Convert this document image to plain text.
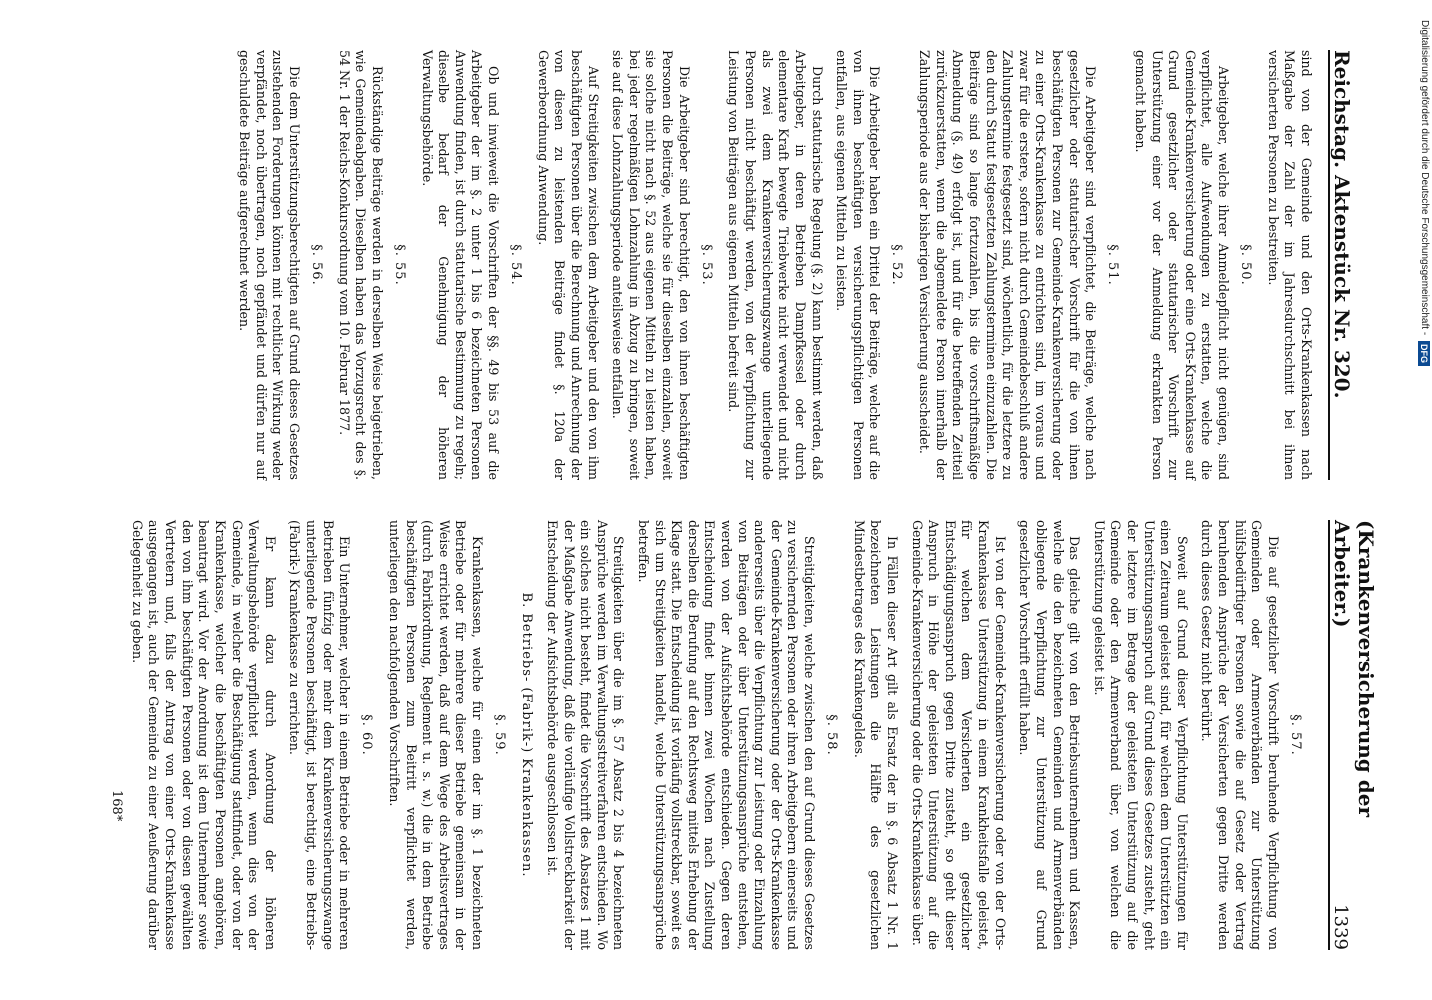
Reichstag. Aktenstück Nr. 320.
(Krankenversicherung der Arbeiter.)
1339

sind von der Gemeinde und den Orts-Krankenkassen nach Maßgabe der Zahl der im Jahresdurchschnitt bei ihnen versicherten Personen zu bestreiten.

§. 50.

Arbeitgeber, welche ihrer Anmeldepflicht nicht genügen, sind verpflichtet, alle Aufwendungen zu erstatten, welche die Gemeinde-Krankenversicherung oder eine Orts-Krankenkasse auf Grund gesetzlicher oder statutarischer Vorschrift zur Unterstützung einer vor der Anmeldung erkrankten Person gemacht haben.

§. 51.

Die Arbeitgeber sind verpflichtet, die Beiträge, welche nach gesetzlicher oder statutarischer Vorschrift für die von ihnen beschäftigten Personen zur Gemeinde-Krankenversicherung oder zu einer Orts-Krankenkasse zu entrichten sind, im voraus und zwar für die erstere, sofern nicht durch Gemeindebeschluß andere Zahlungstermine festgesetzt sind, wöchentlich, für die letztere zu den durch Statut festgesetzten Zahlungsterminen einzuzahlen. Die Beiträge sind so lange fortzuzahlen, bis die vorschriftsmäßige Abmeldung (§. 49) erfolgt ist, und für die betreffenden Zeitteil zurückzuerstatten, wenn die abgemeldete Person innerhalb der Zahlungsperiode aus der bisherigen Versicherung ausscheidet.

§. 52.

Die Arbeitgeber haben ein Drittel der Beiträge, welche auf die von ihnen beschäftigten versicherungspflichtigen Personen entfallen, aus eigenen Mitteln zu leisten.

Durch statutarische Regelung (§. 2) kann bestimmt werden, daß Arbeitgeber, in deren Betrieben Dampfkessel oder durch elementare Kraft bewegte Triebwerke nicht verwendet und nicht als zwei dem Krankenversicherungszwange unterliegende Personen nicht beschäftigt werden, von der Verpflichtung zur Leistung von Beiträgen aus eigenen Mitteln befreit sind.

§. 53.

Die Arbeitgeber sind berechtigt, den von ihnen beschäftigten Personen die Beiträge, welche sie für dieselben einzahlen, soweit sie solche nicht nach §. 52 aus eigenen Mitteln zu leisten haben, bei jeder regelmäßigen Lohnzahlung in Abzug zu bringen, soweit sie auf diese Lohnzahlungsperiode anteilsweise entfallen.

Auf Streitigkeiten zwischen dem Arbeitgeber und den von ihm beschäftigten Personen über die Berechnung und Anrechnung der von diesen zu leistenden Beiträge findet §. 120a der Gewerbeordnung Anwendung.

§. 54.

Ob und inwieweit die Vorschriften der §§. 49 bis 53 auf die Arbeitgeber der im §. 2 unter 1 bis 6 bezeichneten Personen Anwendung finden, ist durch statutarische Bestimmung zu regeln; dieselbe bedarf der Genehmigung der höheren Verwaltungsbehörde.

§. 55.

Rückständige Beiträge werden in derselben Weise beigetrieben, wie Gemeindeabgaben. Dieselben haben das Vorzugsrecht des §. 54 Nr. 1 der Reichs-Konkursordnung vom 10. Februar 1877.

§. 56.

Die dem Unterstützungsberechtigten auf Grund dieses Gesetzes zustehenden Forderungen können mit rechtlicher Wirkung weder verpfändet, noch übertragen, noch gepfändet und dürfen nur auf geschuldete Beiträge aufgerechnet werden.

§. 57.

Die auf gesetzlicher Vorschrift beruhende Verpflichtung von Gemeinden oder Armenverbänden zur Unterstützung hülfsbedürftiger Personen sowie die auf Gesetz oder Vertrag beruhenden Ansprüche der Versicherten gegen Dritte werden durch dieses Gesetz nicht berührt.

Soweit auf Grund dieser Verpflichtung Unterstützungen für einen Zeitraum geleistet sind, für welchen dem Unterstützten ein Unterstützungsanspruch auf Grund dieses Gesetzes zusteht, geht der letztere im Betrage der geleisteten Unterstützung auf die Gemeinde oder den Armenverband über, von welchen die Unterstützung geleistet ist.

Das gleiche gilt von den Betriebsunternehmern und Kassen, welche die den bezeichneten Gemeinden und Armenverbänden obliegende Verpflichtung zur Unterstützung auf Grund gesetzlicher Vorschrift erfüllt haben.

Ist von der Gemeinde-Krankenversicherung oder von der Orts-Krankenkasse Unterstützung in einem Krankheitsfalle geleistet, für welchen dem Versicherten ein gesetzlicher Entschädigungsanspruch gegen Dritte zusteht, so geht dieser Anspruch in Höhe der geleisteten Unterstützung auf die Gemeinde-Krankenversicherung oder die Orts-Krankenkasse über.

In Fällen dieser Art gilt als Ersatz der in §. 6 Absatz 1 Nr. 1 bezeichneten Leistungen die Hälfte des gesetzlichen Mindestbetrages des Krankengeldes.

§. 58.

Streitigkeiten, welche zwischen den auf Grund dieses Gesetzes zu versichernden Personen oder ihren Arbeitgebern einerseits und der Gemeinde-Krankenversicherung oder der Orts-Krankenkasse andererseits über die Verpflichtung zur Leistung oder Einzahlung von Beiträgen oder über Unterstützungsansprüche entstehen, werden von der Aufsichtsbehörde entschieden. Gegen deren Entscheidung findet binnen zwei Wochen nach Zustellung derselben die Berufung auf den Rechtsweg mittels Erhebung der Klage statt. Die Entscheidung ist vorläufig vollstreckbar, soweit es sich um Streitigkeiten handelt, welche Unterstützungsansprüche betreffen.

Streitigkeiten über die im §. 57 Absatz 2 bis 4 bezeichneten Ansprüche werden im Verwaltungsstreitverfahren entschieden. Wo ein solches nicht besteht, findet die Vorschrift des Absatzes 1 mit der Maßgabe Anwendung, daß die vorläufige Vollstreckbarkeit der Entscheidung der Aufsichtsbehörde ausgeschlossen ist.

B. Betriebs- (Fabrik-) Krankenkassen.
§. 59.

Krankenkassen, welche für einen der im §. 1 bezeichneten Betriebe oder für mehrere dieser Betriebe gemeinsam in der Weise errichtet werden, daß auf dem Wege des Arbeitsvertrages (durch Fabrikordnung, Reglement u. s. w.) die in dem Betriebe beschäftigten Personen zum Beitritt verpflichtet werden, unterliegen den nachfolgenden Vorschriften.

§. 60.

Ein Unternehmer, welcher in einem Betriebe oder in mehreren Betrieben fünfzig oder mehr dem Krankenversicherungszwange unterliegende Personen beschäftigt, ist berechtigt, eine Betriebs- (Fabrik-) Krankenkasse zu errichten.

Er kann dazu durch Anordnung der höheren Verwaltungsbehörde verpflichtet werden, wenn dies von der Gemeinde, in welcher die Beschäftigung stattfindet, oder von der Krankenkasse, welcher die beschäftigten Personen angehören, beantragt wird. Vor der Anordnung ist dem Unternehmer sowie den von ihm beschäftigten Personen oder von diesen gewählten Vertretern und, falls der Antrag von einer Orts-Krankenkasse ausgegangen ist, auch der Gemeinde zu einer Aeußerung darüber Gelegenheit zu geben.

168*
Digitalisierung gefördert durch die Deutsche Forschungsgemeinschaft -
DFG
